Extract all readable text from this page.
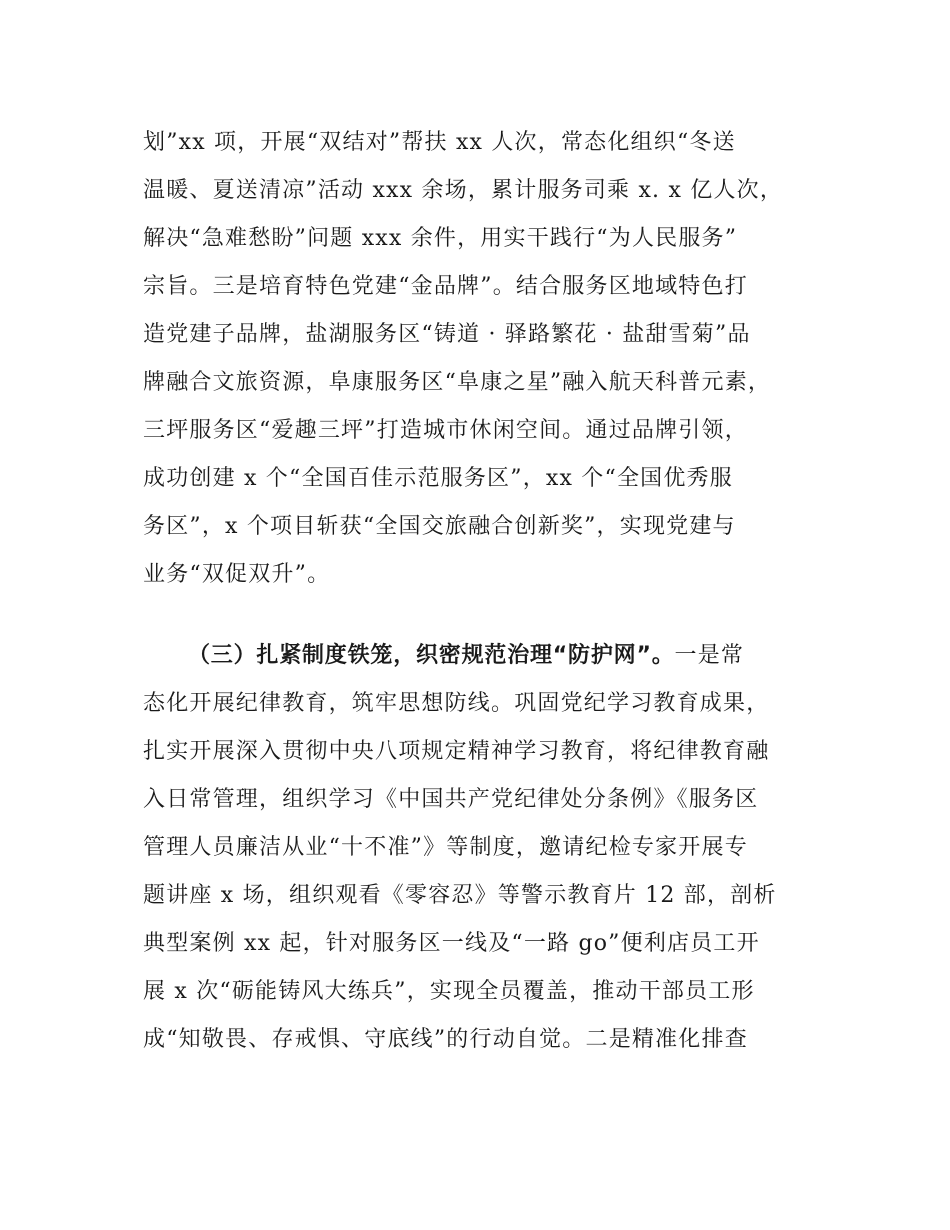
划”xx 项，开展“双结对”帮扶 xx 人次，常态化组织“冬送
温暖、夏送清凉”活动 xxx 余场，累计服务司乘 x. x 亿人次，
解决“急难愁盼”问题 xxx 余件，用实干践行“为人民服务”
宗旨。三是培育特色党建“金品牌”。结合服务区地域特色打
造党建子品牌，盐湖服务区“铸道 · 驿路繁花 · 盐甜雪菊”品
牌融合文旅资源，阜康服务区“阜康之星”融入航天科普元素，
三坪服务区“爱趣三坪”打造城市休闲空间。通过品牌引领，
成功创建 x 个“全国百佳示范服务区”，xx 个“全国优秀服
务区”，x 个项目斩获“全国交旅融合创新奖”，实现党建与
业务“双促双升”。
（三）扎紧制度铁笼，织密规范治理“防护网”。一是常
态化开展纪律教育，筑牢思想防线。巩固党纪学习教育成果，
扎实开展深入贯彻中央八项规定精神学习教育，将纪律教育融
入日常管理，组织学习《中国共产党纪律处分条例》《服务区
管理人员廉洁从业“十不准”》等制度，邀请纪检专家开展专
题讲座 x 场，组织观看《零容忍》等警示教育片 12 部，剖析
典型案例 xx 起，针对服务区一线及“一路 go”便利店员工开
展 x 次“砺能铸风大练兵”，实现全员覆盖，推动干部员工形
成“知敬畏、存戒惧、守底线”的行动自觉。二是精准化排查
